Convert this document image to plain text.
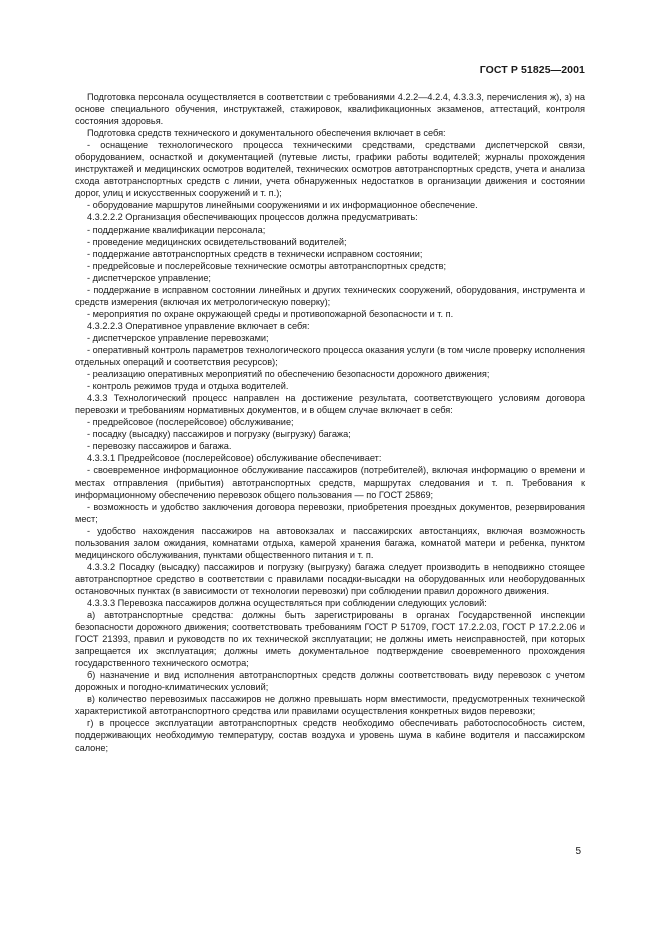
ГОСТ Р 51825—2001

Подготовка персонала осуществляется в соответствии с требованиями 4.2.2—4.2.4, 4.3.3.3, перечисления ж), з) на основе специального обучения, инструктажей, стажировок, квалификационных экзаменов, аттестаций, контроля состояния здоровья.

Подготовка средств технического и документального обеспечения включает в себя:

- оснащение технологического процесса техническими средствами, средствами диспетчерской связи, оборудованием, оснасткой и документацией (путевые листы, графики работы водителей; журналы прохождения инструктажей и медицинских осмотров водителей, технических осмотров автотранспортных средств, учета и анализа схода автотранспортных средств с линии, учета обнаруженных недостатков в организации движения и состоянии дорог, улиц и искусственных сооружений и т. п.);

- оборудование маршрутов линейными сооружениями и их информационное обеспечение.

4.3.2.2.2 Организация обеспечивающих процессов должна предусматривать:

- поддержание квалификации персонала;

- проведение медицинских освидетельствований водителей;

- поддержание автотранспортных средств в технически исправном состоянии;

- предрейсовые и послерейсовые технические осмотры автотранспортных средств;

- диспетчерское управление;

- поддержание в исправном состоянии линейных и других технических сооружений, оборудования, инструмента и средств измерения (включая их метрологическую поверку);

- мероприятия по охране окружающей среды и противопожарной безопасности и т. п.

4.3.2.2.3 Оперативное управление включает в себя:

- диспетчерское управление перевозками;

- оперативный контроль параметров технологического процесса оказания услуги (в том числе проверку исполнения отдельных операций и соответствия ресурсов);

- реализацию оперативных мероприятий по обеспечению безопасности дорожного движения;

- контроль режимов труда и отдыха водителей.

4.3.3 Технологический процесс направлен на достижение результата, соответствующего условиям договора перевозки и требованиям нормативных документов, и в общем случае включает в себя:

- предрейсовое (послерейсовое) обслуживание;

- посадку (высадку) пассажиров и погрузку (выгрузку) багажа;

- перевозку пассажиров и багажа.

4.3.3.1 Предрейсовое (послерейсовое) обслуживание обеспечивает:

- своевременное информационное обслуживание пассажиров (потребителей), включая информацию о времени и местах отправления (прибытия) автотранспортных средств, маршрутах следования и т. п. Требования к информационному обеспечению перевозок общего пользования — по ГОСТ 25869;

- возможность и удобство заключения договора перевозки, приобретения проездных документов, резервирования мест;

- удобство нахождения пассажиров на автовокзалах и пассажирских автостанциях, включая возможность пользования залом ожидания, комнатами отдыха, камерой хранения багажа, комнатой матери и ребенка, пунктом медицинского обслуживания, пунктами общественного питания и т. п.

4.3.3.2 Посадку (высадку) пассажиров и погрузку (выгрузку) багажа следует производить в неподвижно стоящее автотранспортное средство в соответствии с правилами посадки-высадки на оборудованных или необорудованных остановочных пунктах (в зависимости от технологии перевозки) при соблюдении правил дорожного движения.

4.3.3.3 Перевозка пассажиров должна осуществляться при соблюдении следующих условий:

а) автотранспортные средства: должны быть зарегистрированы в органах Государственной инспекции безопасности дорожного движения; соответствовать требованиям ГОСТ Р 51709, ГОСТ 17.2.2.03, ГОСТ Р 17.2.2.06 и ГОСТ 21393, правил и руководств по их технической эксплуатации; не должны иметь неисправностей, при которых запрещается их эксплуатация; должны иметь документальное подтверждение своевременного прохождения государственного технического осмотра;

б) назначение и вид исполнения автотранспортных средств должны соответствовать виду перевозок с учетом дорожных и погодно-климатических условий;

в) количество перевозимых пассажиров не должно превышать норм вместимости, предусмотренных технической характеристикой автотранспортного средства или правилами осуществления конкретных видов перевозки;

г) в процессе эксплуатации автотранспортных средств необходимо обеспечивать работоспособность систем, поддерживающих необходимую температуру, состав воздуха и уровень шума в кабине водителя и пассажирском салоне;

5
